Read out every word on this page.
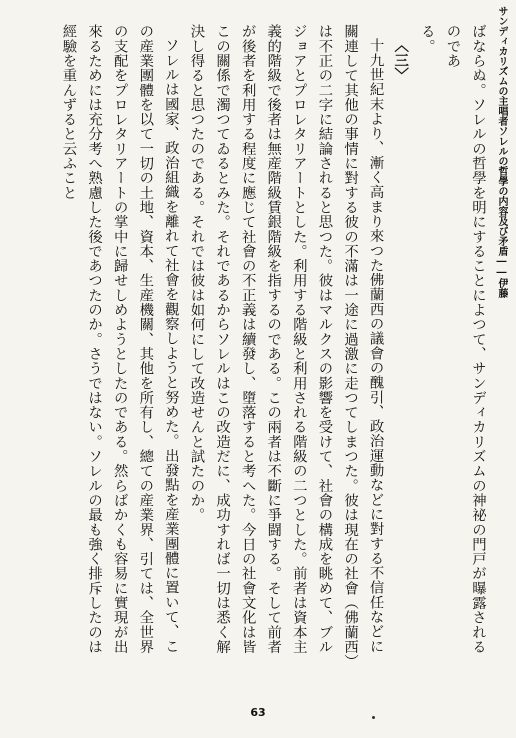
サンディカリズムの主唱者ソレルの哲學の内容及び矛盾――伊藤

ばならぬ。ソレルの哲學を明にすることによつて、サンディカリズムの神祕の門戸が曝露されるのであ

る。

〈三〉

十九世紀末より、漸く高まり來つた佛蘭西の議會の醜引、政治運動などに對する不信任などに關連して其他の事情に對する彼の不滿は一途に過激に走つてしまつた。彼は現在の社會（佛蘭西）は不正の二字に結論されると思つた。彼はマルクスの影響を受けて、社會の構成を眺めて、ブルジョアとプロレタリアートとした。利用する階級と利用される階級の二つとした。前者は資本主義的階級で後者は無産階級賃銀階級を指するのである。この兩者は不斷に爭闘する。そして前者が後者を利用する程度に應じて社會の不正義は續發し、墮落すると考へた。今日の社會文化は皆この關係で濁つてゐるとみた。それであるからソレルはこの改造だに、成功すれば一切は悉く解決し得ると思つたのである。それでは彼は如何にして改造せんと試たのか。

ソレルは國家、政治組織を離れて社會を觀察しようと努めた。出發點を産業團體に置いて、この産業團體を以て一切の土地、資本、生産機關、其他を所有し、總ての産業界、引ては、全世界の支配をプロレタリアートの掌中に歸せしめようとしたのである。然らばかくも容易に實現が出來るためには充分考へ熟慮した後であつたのか。さうではない。ソレルの最も強く排斥したのは經驗を重んずると云ふこと

63
